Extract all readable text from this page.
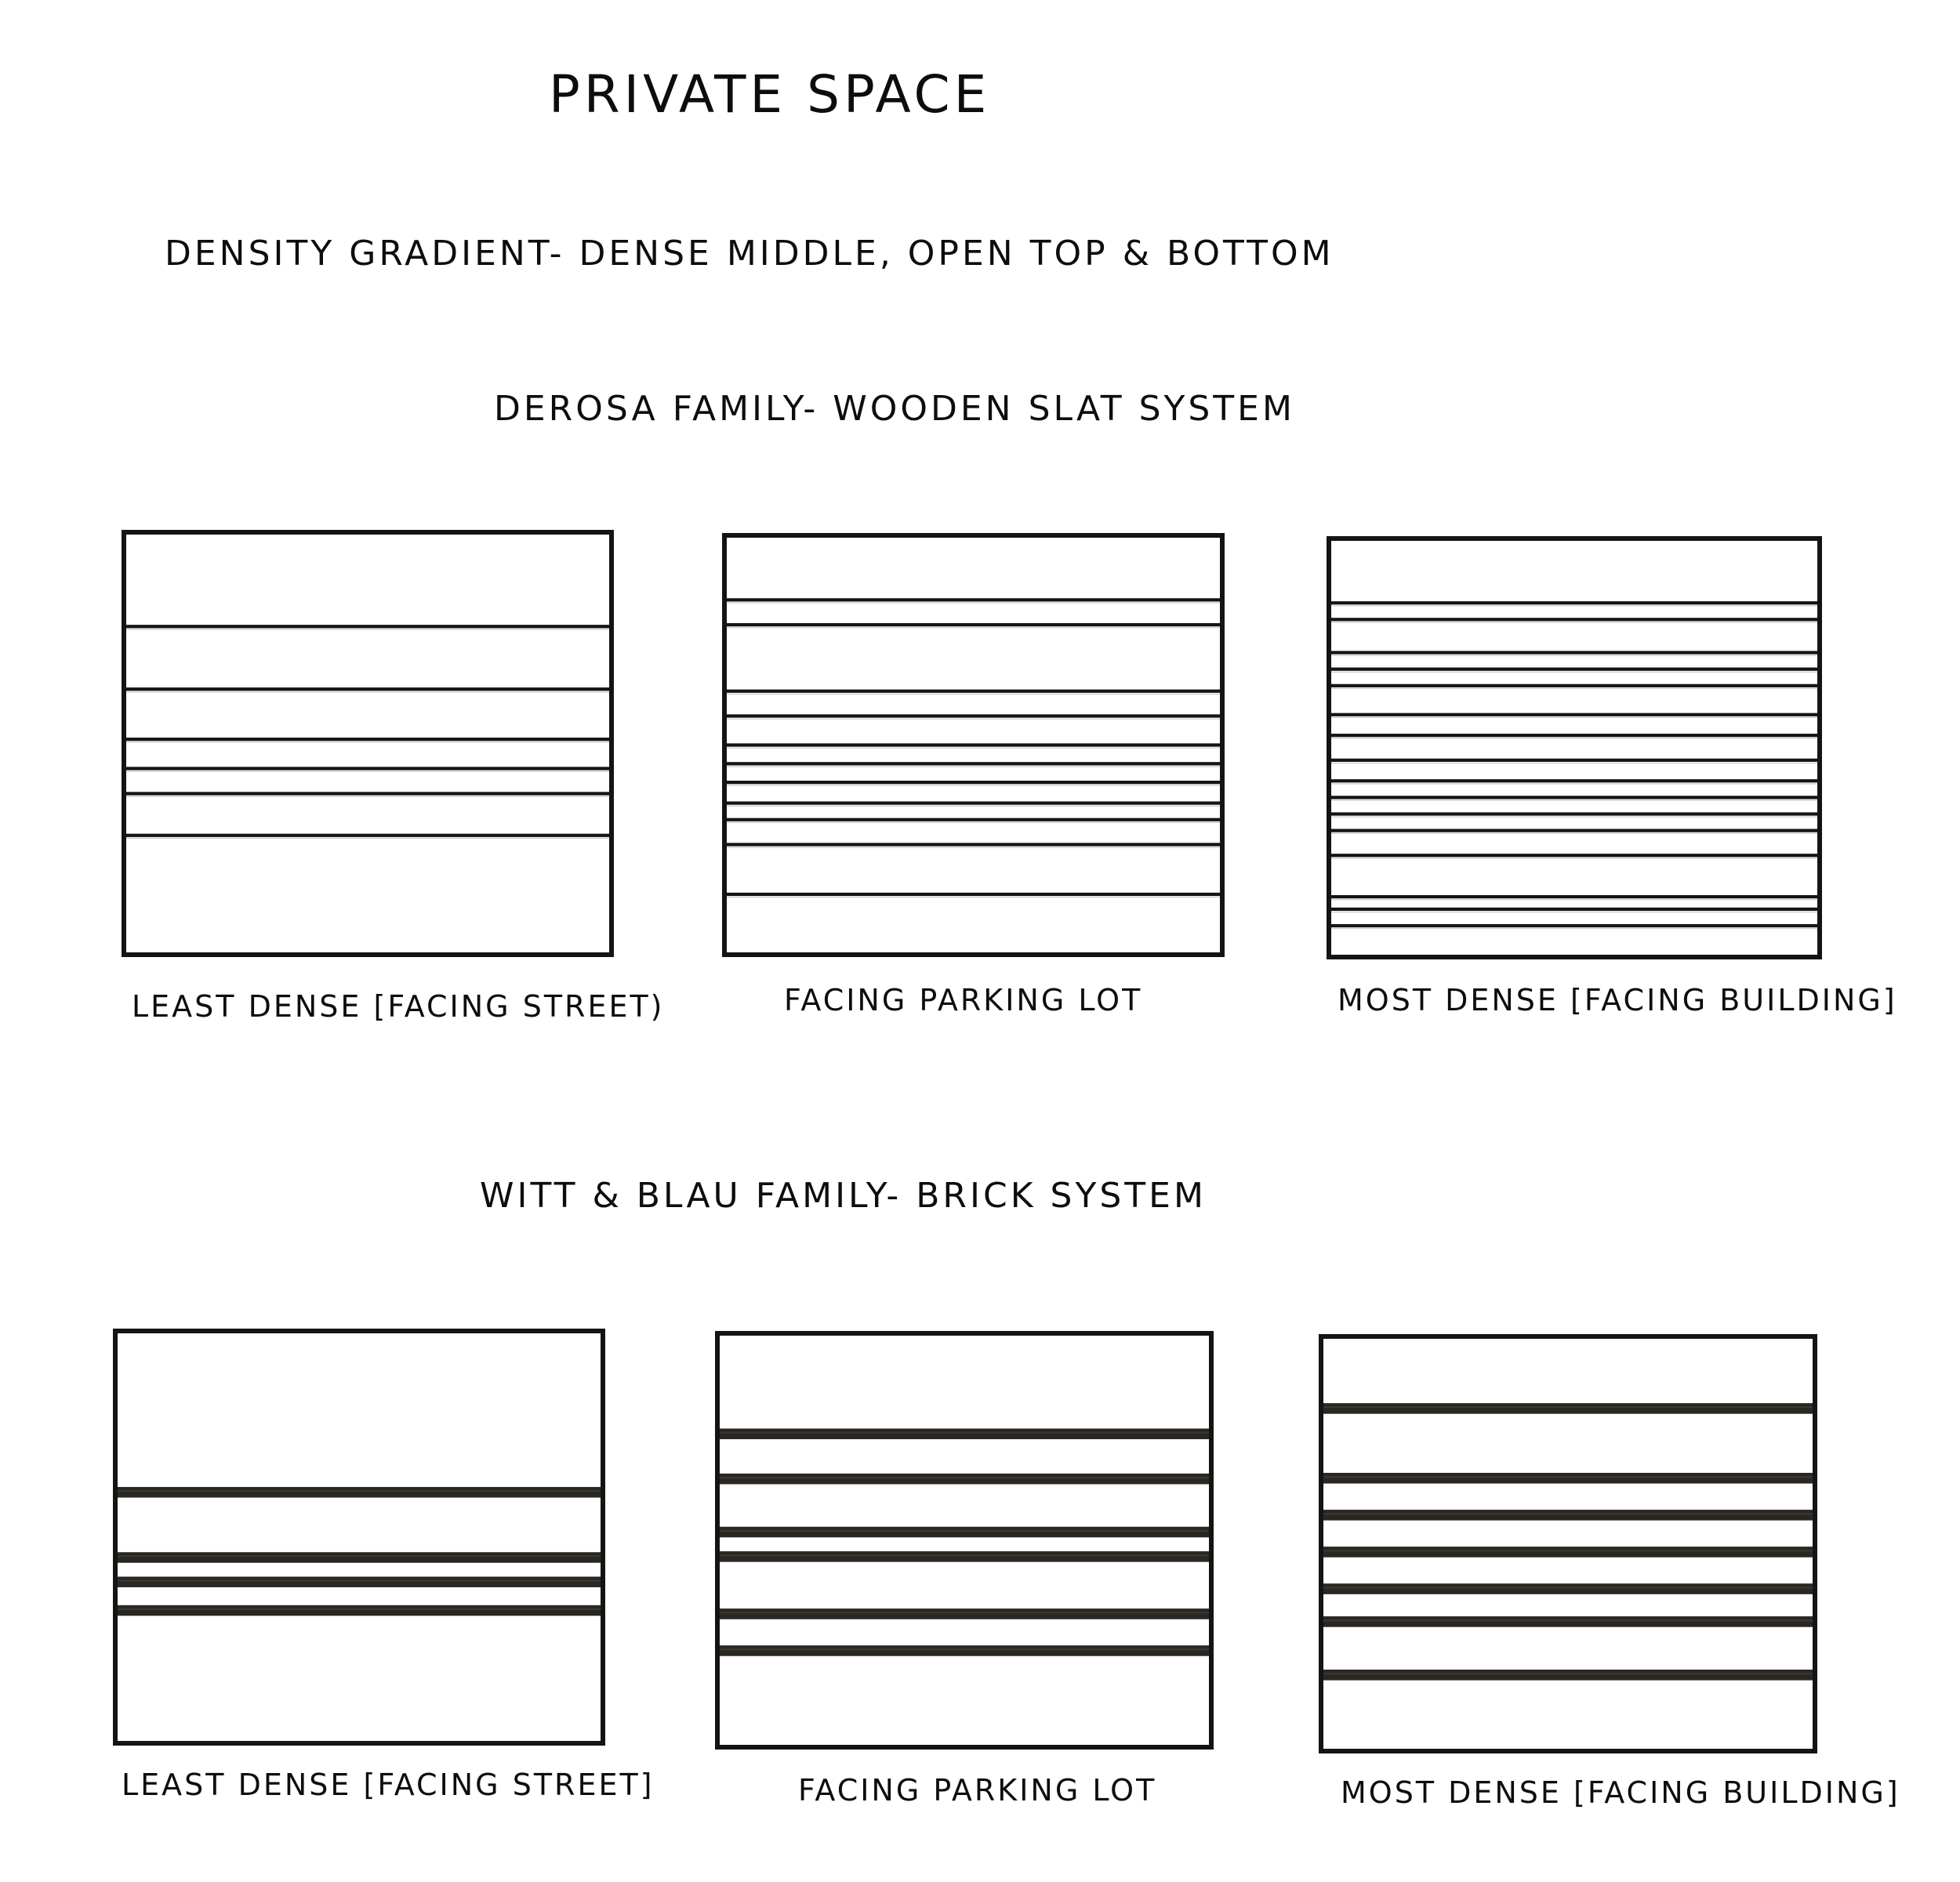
PRIVATE SPACE
DENSITY GRADIENT- DENSE MIDDLE, OPEN TOP & BOTTOM
DEROSA FAMILY- WOODEN SLAT SYSTEM
LEAST DENSE [FACING STREET)	FACING PARKING LOT	MOST DENSE [FACING BUILDING]
WITT & BLAU FAMILY- BRICK SYSTEM
LEAST DENSE [FACING STREET]	FACING PARKING LOT	MOST DENSE [FACING BUILDING]
